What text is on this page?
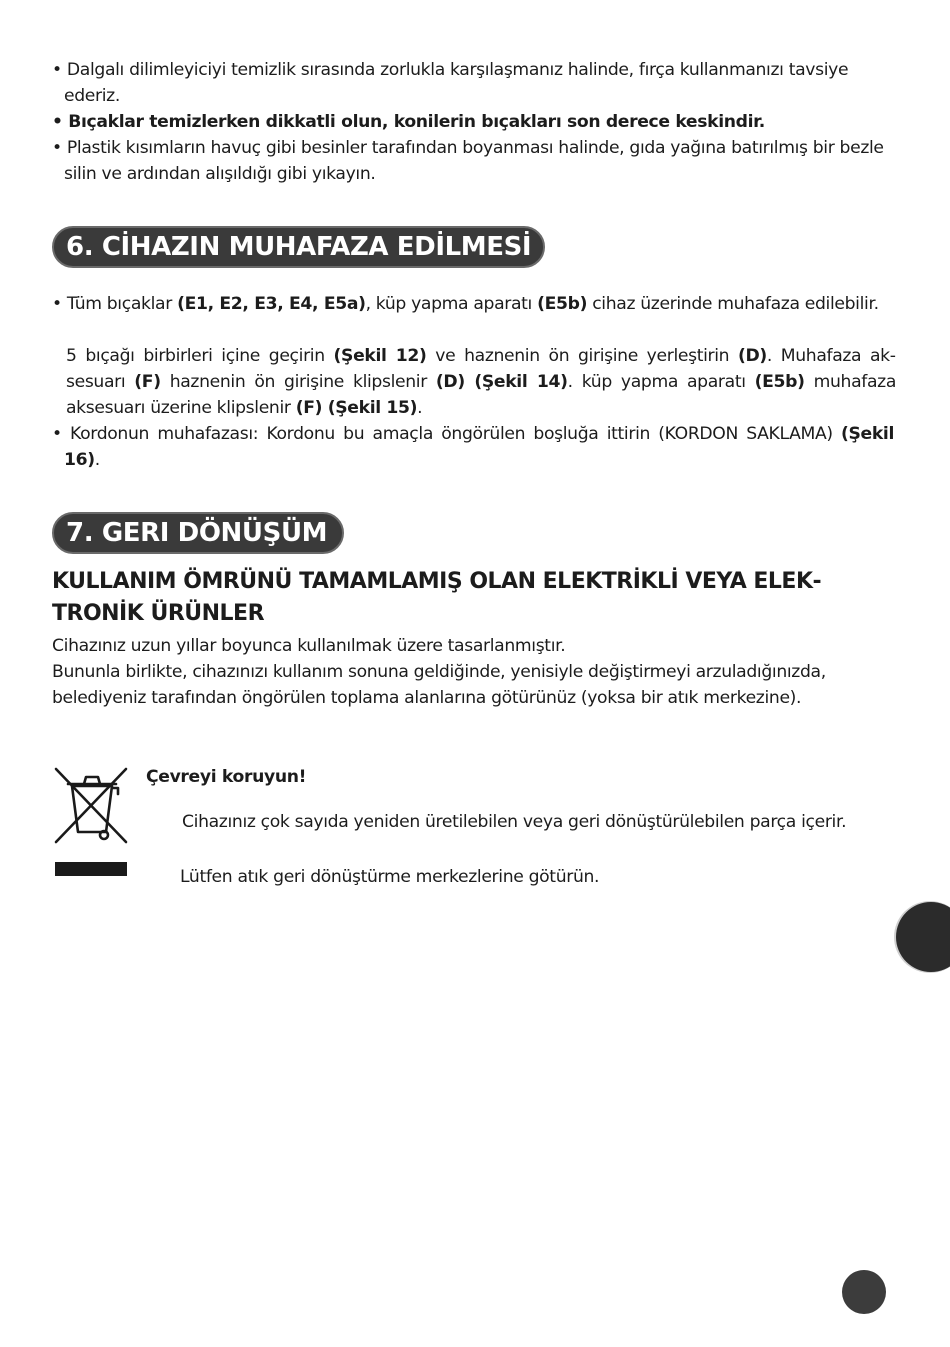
• Dalgalı dilimleyiciyi temizlik sırasında zorlukla karşılaşmanız halinde, fırça kullanmanızı tavsiye ederiz.

• Bıçaklar temizlerken dikkatli olun, konilerin bıçakları son derece keskindir.

• Plastik kısımların havuç gibi besinler tarafından boyanması halinde, gıda yağına batırılmış bir bezle silin ve ardından alışıldığı gibi yıkayın.

6. CİHAZIN MUHAFAZA EDİLMESİ

• Tüm bıçaklar (E1, E2, E3, E4, E5a), küp yapma aparatı (E5b) cihaz üzerinde muhafaza edilebilir.

5 bıçağı birbirleri içine geçirin (Şekil 12) ve haznenin ön girişine yerleştirin (D). Muhafaza aksesuarı (F) haznenin ön girişine klipslenir (D) (Şekil 14). küp yapma aparatı (E5b) muhafaza aksesuarı üzerine klipslenir (F) (Şekil 15).

• Kordonun muhafazası: Kordonu bu amaçla öngörülen boşluğa ittirin (KORDON SAKLAMA) (Şekil 16).

7. GERI DÖNÜŞÜM

KULLANIM ÖMRÜNÜ TAMAMLAMIŞ OLAN ELEKTRİKLİ VEYA ELEKTRONİK ÜRÜNLER

Cihazınız uzun yıllar boyunca kullanılmak üzere tasarlanmıştır.

Bununla birlikte, cihazınızı kullanım sonuna geldiğinde, yenisiyle değiştirmeyi arzuladığınızda, belediyeniz tarafından öngörülen toplama alanlarına götürünüz (yoksa bir atık merkezine).

Çevreyi koruyun!

Cihazınız çok sayıda yeniden üretilebilen veya geri dönüştürülebilen parça içerir.

Lütfen atık geri dönüştürme merkezlerine götürün.
